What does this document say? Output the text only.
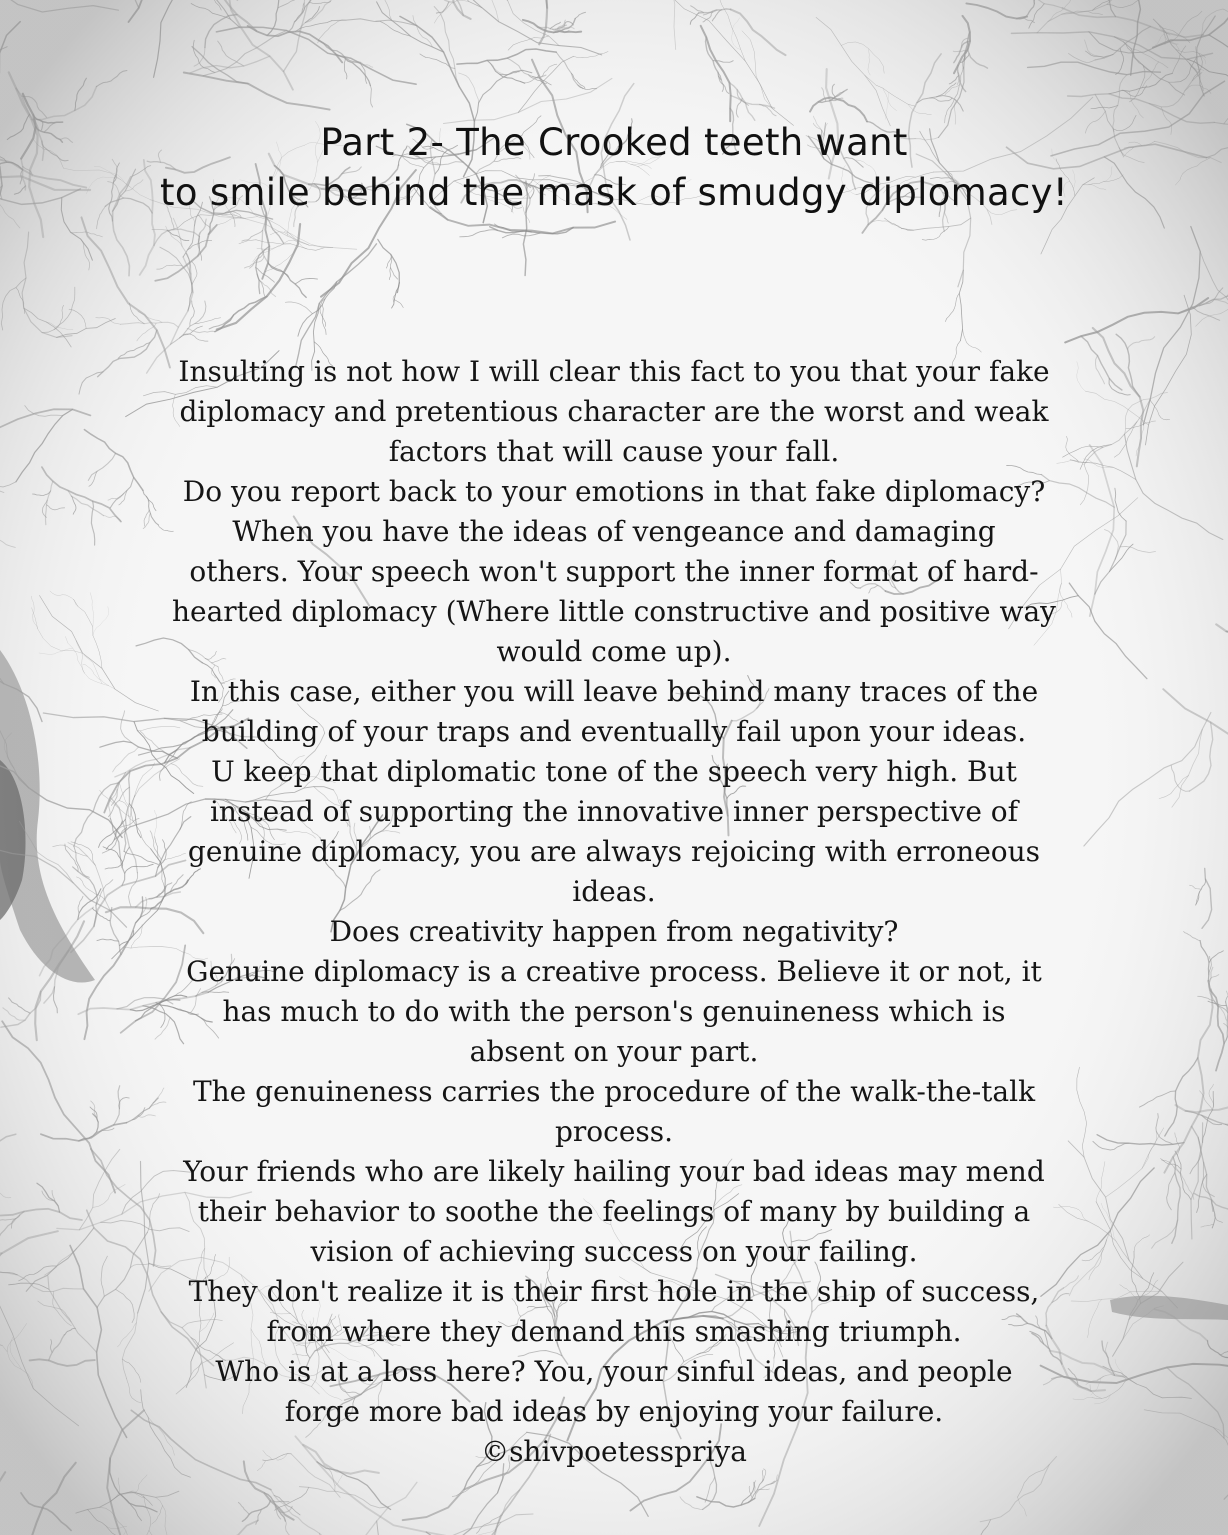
Part 2- The Crooked teeth want
to smile behind the mask of smudgy diplomacy!
Insulting is not how I will clear this fact to you that your fake
diplomacy and pretentious character are the worst and weak
factors that will cause your fall.
Do you report back to your emotions in that fake diplomacy?
When you have the ideas of vengeance and damaging
others. Your speech won't support the inner format of hard-
hearted diplomacy (Where little constructive and positive way
would come up).
In this case, either you will leave behind many traces of the
building of your traps and eventually fail upon your ideas.
U keep that diplomatic tone of the speech very high. But
instead of supporting the innovative inner perspective of
genuine diplomacy, you are always rejoicing with erroneous
ideas.
Does creativity happen from negativity?
Genuine diplomacy is a creative process. Believe it or not, it
has much to do with the person's genuineness which is
absent on your part.
The genuineness carries the procedure of the walk-the-talk
process.
Your friends who are likely hailing your bad ideas may mend
their behavior to soothe the feelings of many by building a
vision of achieving success on your failing.
They don't realize it is their first hole in the ship of success,
from where they demand this smashing triumph.
Who is at a loss here? You, your sinful ideas, and people
forge more bad ideas by enjoying your failure.
©shivpoetesspriya
